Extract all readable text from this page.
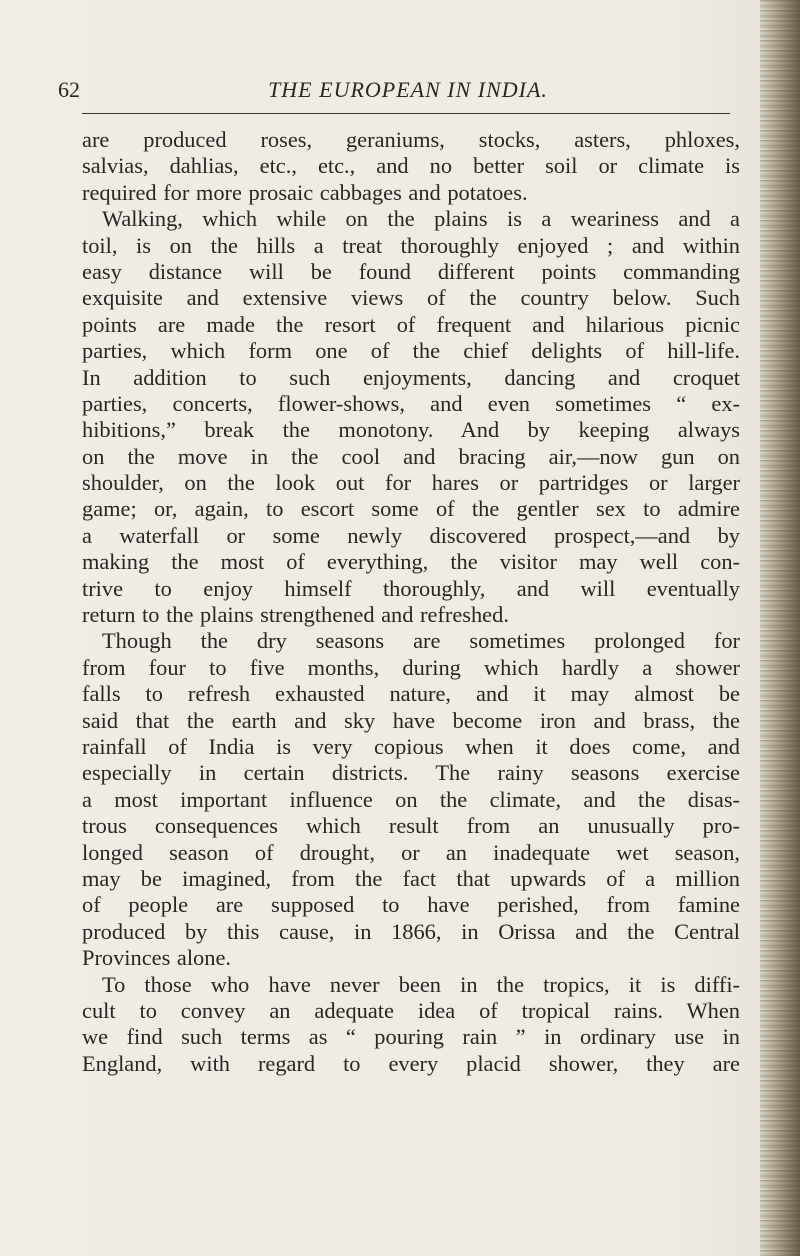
62	THE EUROPEAN IN INDIA.
are produced roses, geraniums, stocks, asters, phloxes,
salvias, dahlias, etc., etc., and no better soil or climate is
required for more prosaic cabbages and potatoes.
Walking, which while on the plains is a weariness and a
toil, is on the hills a treat thoroughly enjoyed ; and within
easy distance will be found different points commanding
exquisite and extensive views of the country below. Such
points are made the resort of frequent and hilarious picnic
parties, which form one of the chief delights of hill-life.
In addition to such enjoyments, dancing and croquet
parties, concerts, flower-shows, and even sometimes “ ex-
hibitions,” break the monotony. And by keeping always
on the move in the cool and bracing air,—now gun on
shoulder, on the look out for hares or partridges or larger
game; or, again, to escort some of the gentler sex to admire
a waterfall or some newly discovered prospect,—and by
making the most of everything, the visitor may well con-
trive to enjoy himself thoroughly, and will eventually
return to the plains strengthened and refreshed.
Though the dry seasons are sometimes prolonged for
from four to five months, during which hardly a shower
falls to refresh exhausted nature, and it may almost be
said that the earth and sky have become iron and brass, the
rainfall of India is very copious when it does come, and
especially in certain districts. The rainy seasons exercise
a most important influence on the climate, and the disas-
trous consequences which result from an unusually pro-
longed season of drought, or an inadequate wet season,
may be imagined, from the fact that upwards of a million
of people are supposed to have perished, from famine
produced by this cause, in 1866, in Orissa and the Central
Provinces alone.
To those who have never been in the tropics, it is diffi-
cult to convey an adequate idea of tropical rains. When
we find such terms as “ pouring rain ” in ordinary use in
England, with regard to every placid shower, they are
